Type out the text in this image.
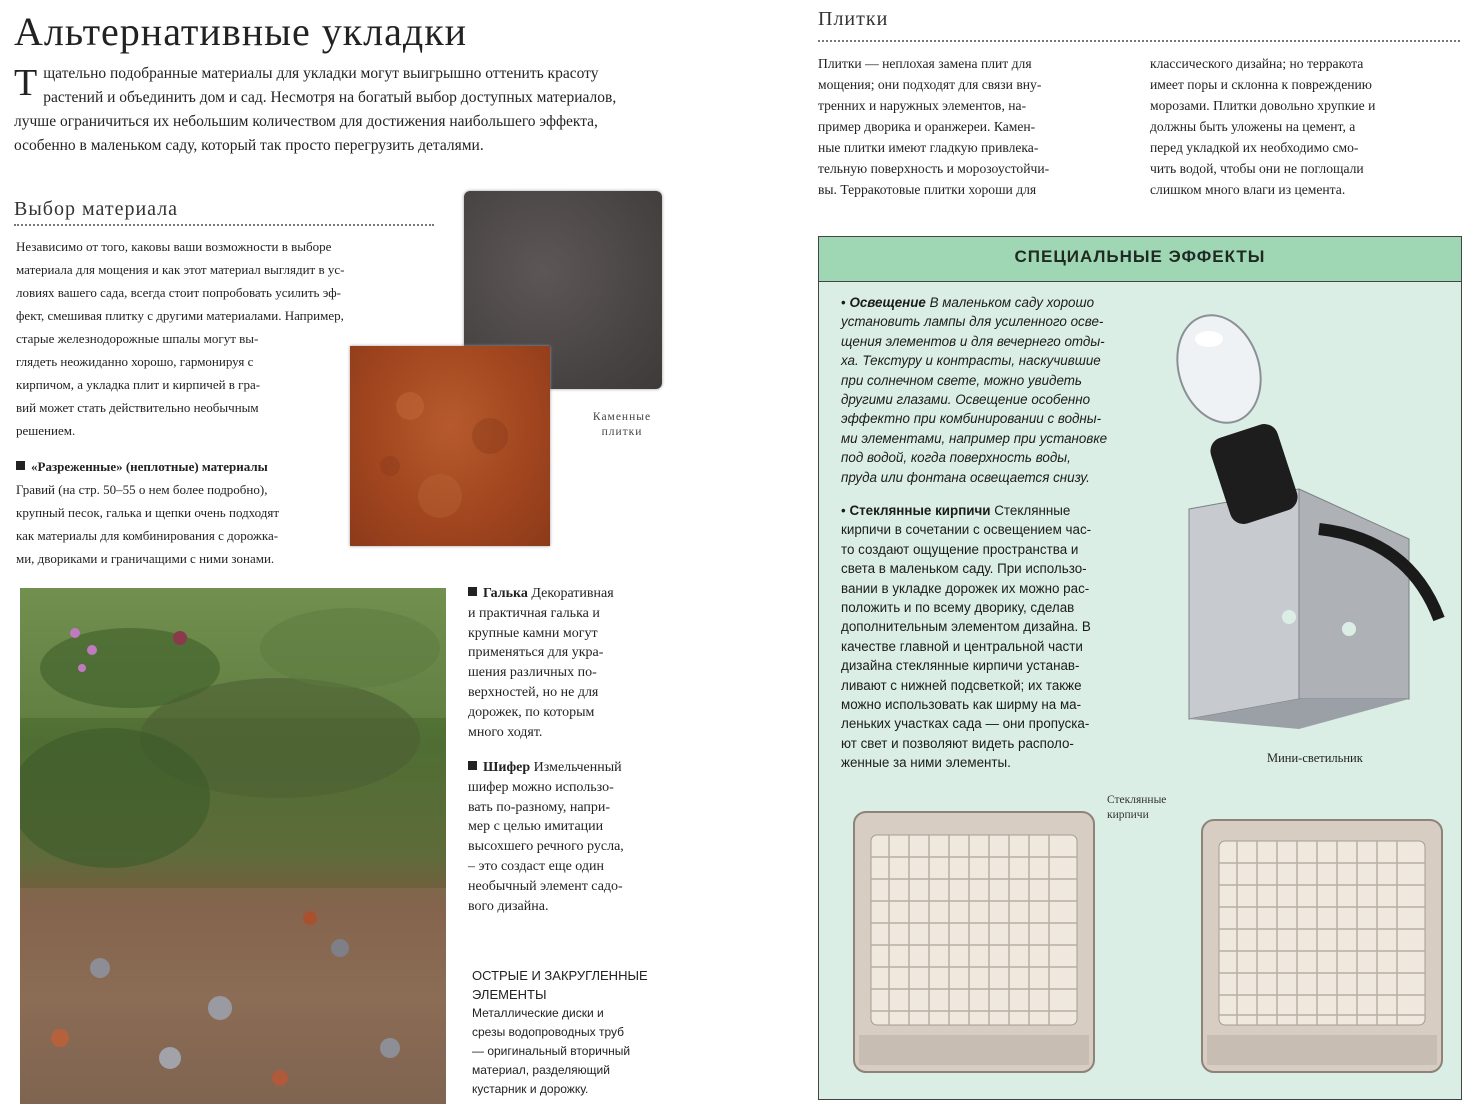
Альтернативные укладки
Тщательно подобранные материалы для укладки могут выигрышно оттенить красоту растений и объединить дом и сад. Несмотря на богатый выбор доступных материалов, лучше ограничиться их небольшим количеством для достижения наибольшего эффекта, особенно в маленьком саду, который так просто перегрузить деталями.
Выбор материала
Независимо от того, каковы ваши возможности в выборе
материала для мощения и как этот материал выглядит в ус-
ловиях вашего сада, всегда стоит попробовать усилить эф-
фект, смешивая плитку с другими материалами. Например,
старые железнодорожные шпалы могут вы-
глядеть неожиданно хорошо, гармонируя с
кирпичом, а укладка плит и кирпичей в гра-
вий может стать действительно необычным
решением.
«Разреженные» (неплотные) материалы
Гравий (на стр. 50–55 о нем более подробно),
крупный песок, галька и щепки очень подходят
как материалы для комбинирования с дорожка-
ми, двориками и граничащими с ними зонами.
Каменные
плитки
Галька Декоративная
и практичная галька и
крупные камни могут
применяться для укра-
шения различных по-
верхностей, но не для
дорожек, по которым
много ходят.
Шифер Измельченный
шифер можно использо-
вать по-разному, напри-
мер с целью имитации
высохшего речного русла,
– это создаст еще один
необычный элемент садо-
вого дизайна.
ОСТРЫЕ И ЗАКРУГЛЕННЫЕ
ЭЛЕМЕНТЫ
Металлические диски и
срезы водопроводных труб
— оригинальный вторичный
материал, разделяющий
кустарник и дорожку.
Плитки
Плитки — неплохая замена плит для
мощения; они подходят для связи вну-
тренних и наружных элементов, на-
пример дворика и оранжереи. Камен-
ные плитки имеют гладкую привлека-
тельную поверхность и морозоустойчи-
вы. Терракотовые плитки хороши для
классического дизайна; но терракота
имеет поры и склонна к повреждению
морозами. Плитки довольно хрупкие и
должны быть уложены на цемент, а
перед укладкой их необходимо смо-
чить водой, чтобы они не поглощали
слишком много влаги из цемента.
СПЕЦИАЛЬНЫЕ ЭФФЕКТЫ
• Освещение В маленьком саду хорошо
установить лампы для усиленного осве-
щения элементов и для вечернего отды-
ха. Текстуру и контрасты, наскучившие
при солнечном свете, можно увидеть
другими глазами. Освещение особенно
эффектно при комбинировании с водны-
ми элементами, например при установке
под водой, когда поверхность воды,
пруда или фонтана освещается снизу.
• Стеклянные кирпичи Стеклянные
кирпичи в сочетании с освещением час-
то создают ощущение пространства и
света в маленьком саду. При использо-
вании в укладке дорожек их можно рас-
положить и по всему дворику, сделав
дополнительным элементом дизайна. В
качестве главной и центральной части
дизайна стеклянные кирпичи устанав-
ливают с нижней подсветкой; их также
можно использовать как ширму на ма-
леньких участках сада — они пропуска-
ют свет и позволяют видеть располо-
женные за ними элементы.	Мини-светильник
Стеклянные
кирпичи
